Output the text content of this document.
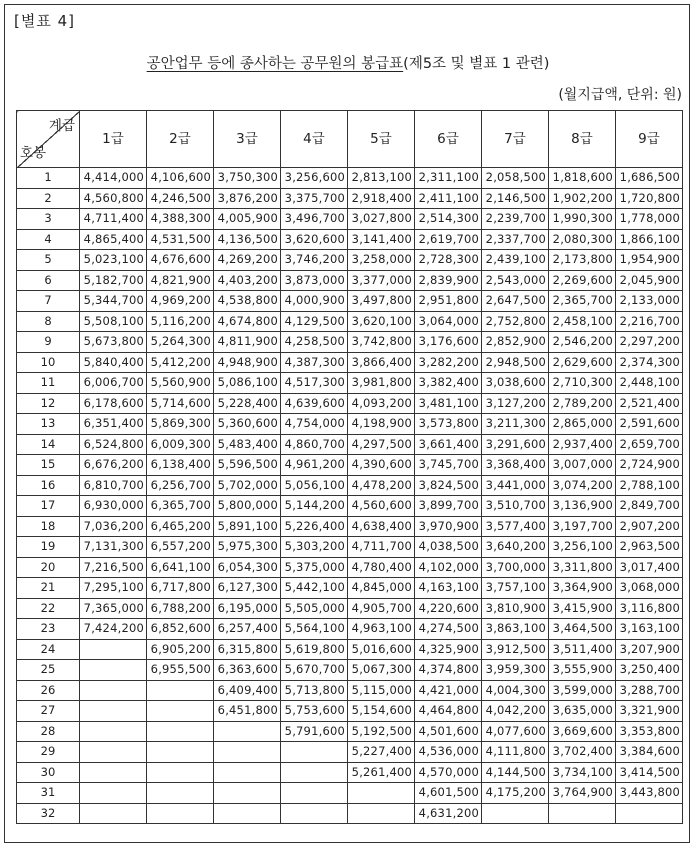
[별표 4]
공안업무 등에 종사하는 공무원의 봉급표(제5조 및 별표 1 관련)
(월지급액, 단위: 원)
계급
호봉	1급	2급	3급	4급	5급	6급	7급	8급	9급
1	4,414,000	4,106,600	3,750,300	3,256,600	2,813,100	2,311,100	2,058,500	1,818,600	1,686,500
2	4,560,800	4,246,500	3,876,200	3,375,700	2,918,400	2,411,100	2,146,500	1,902,200	1,720,800
3	4,711,400	4,388,300	4,005,900	3,496,700	3,027,800	2,514,300	2,239,700	1,990,300	1,778,000
4	4,865,400	4,531,500	4,136,500	3,620,600	3,141,400	2,619,700	2,337,700	2,080,300	1,866,100
5	5,023,100	4,676,600	4,269,200	3,746,200	3,258,000	2,728,300	2,439,100	2,173,800	1,954,900
6	5,182,700	4,821,900	4,403,200	3,873,000	3,377,000	2,839,900	2,543,000	2,269,600	2,045,900
7	5,344,700	4,969,200	4,538,800	4,000,900	3,497,800	2,951,800	2,647,500	2,365,700	2,133,000
8	5,508,100	5,116,200	4,674,800	4,129,500	3,620,100	3,064,000	2,752,800	2,458,100	2,216,700
9	5,673,800	5,264,300	4,811,900	4,258,500	3,742,800	3,176,600	2,852,900	2,546,200	2,297,200
10	5,840,400	5,412,200	4,948,900	4,387,300	3,866,400	3,282,200	2,948,500	2,629,600	2,374,300
11	6,006,700	5,560,900	5,086,100	4,517,300	3,981,800	3,382,400	3,038,600	2,710,300	2,448,100
12	6,178,600	5,714,600	5,228,400	4,639,600	4,093,200	3,481,100	3,127,200	2,789,200	2,521,400
13	6,351,400	5,869,300	5,360,600	4,754,000	4,198,900	3,573,800	3,211,300	2,865,000	2,591,600
14	6,524,800	6,009,300	5,483,400	4,860,700	4,297,500	3,661,400	3,291,600	2,937,400	2,659,700
15	6,676,200	6,138,400	5,596,500	4,961,200	4,390,600	3,745,700	3,368,400	3,007,000	2,724,900
16	6,810,700	6,256,700	5,702,000	5,056,100	4,478,200	3,824,500	3,441,000	3,074,200	2,788,100
17	6,930,000	6,365,700	5,800,000	5,144,200	4,560,600	3,899,700	3,510,700	3,136,900	2,849,700
18	7,036,200	6,465,200	5,891,100	5,226,400	4,638,400	3,970,900	3,577,400	3,197,700	2,907,200
19	7,131,300	6,557,200	5,975,300	5,303,200	4,711,700	4,038,500	3,640,200	3,256,100	2,963,500
20	7,216,500	6,641,100	6,054,300	5,375,000	4,780,400	4,102,000	3,700,000	3,311,800	3,017,400
21	7,295,100	6,717,800	6,127,300	5,442,100	4,845,000	4,163,100	3,757,100	3,364,900	3,068,000
22	7,365,000	6,788,200	6,195,000	5,505,000	4,905,700	4,220,600	3,810,900	3,415,900	3,116,800
23	7,424,200	6,852,600	6,257,400	5,564,100	4,963,100	4,274,500	3,863,100	3,464,500	3,163,100
24		6,905,200	6,315,800	5,619,800	5,016,600	4,325,900	3,912,500	3,511,400	3,207,900
25		6,955,500	6,363,600	5,670,700	5,067,300	4,374,800	3,959,300	3,555,900	3,250,400
26			6,409,400	5,713,800	5,115,000	4,421,000	4,004,300	3,599,000	3,288,700
27			6,451,800	5,753,600	5,154,600	4,464,800	4,042,200	3,635,000	3,321,900
28				5,791,600	5,192,500	4,501,600	4,077,600	3,669,600	3,353,800
29					5,227,400	4,536,000	4,111,800	3,702,400	3,384,600
30					5,261,400	4,570,000	4,144,500	3,734,100	3,414,500
31						4,601,500	4,175,200	3,764,900	3,443,800
32						4,631,200			
